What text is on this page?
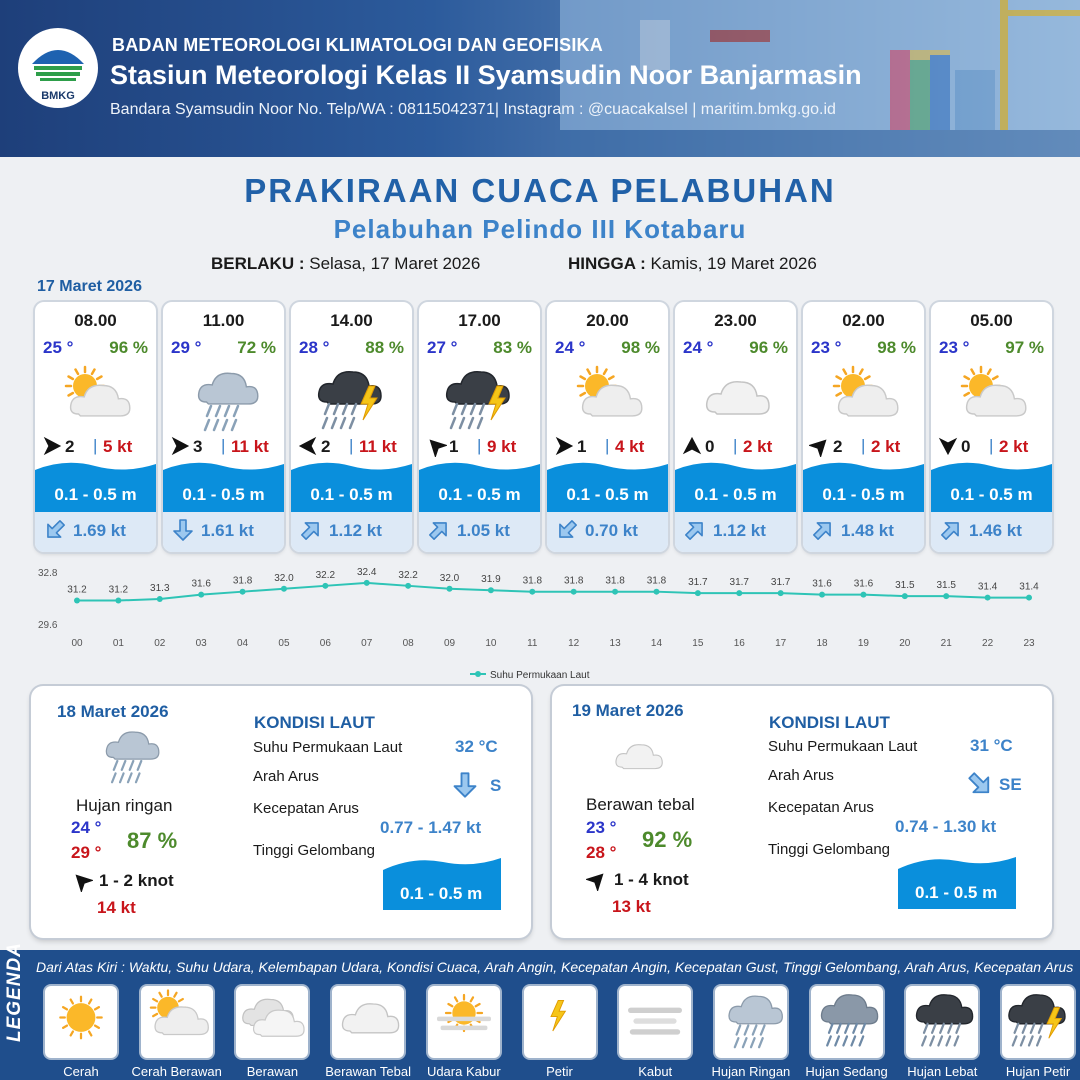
BMKG
BADAN METEOROLOGI KLIMATOLOGI DAN GEOFISIKA
Stasiun Meteorologi Kelas II Syamsudin Noor Banjarmasin
Bandara Syamsudin Noor No. Telp/WA : 08115042371| Instagram : @cuacakalsel | maritim.bmkg.go.id
PRAKIRAAN CUACA PELABUHAN
Pelabuhan Pelindo III Kotabaru
BERLAKU : Selasa, 17 Maret 2026	HINGGA : Kamis, 19 Maret 2026
17 Maret 2026
08.00
25 ° 96 %
2 | 5 kt
0.1 - 0.5 m
1.69 kt
11.00
29 ° 72 %
3 | 11 kt
0.1 - 0.5 m
1.61 kt
14.00
28 ° 88 %
2 | 11 kt
0.1 - 0.5 m
1.12 kt
17.00
27 ° 83 %
1 | 9 kt
0.1 - 0.5 m
1.05 kt
20.00
24 ° 98 %
1 | 4 kt
0.1 - 0.5 m
0.70 kt
23.00
24 ° 96 %
0 | 2 kt
0.1 - 0.5 m
1.12 kt
02.00
23 ° 98 %
2 | 2 kt
0.1 - 0.5 m
1.48 kt
05.00
23 ° 97 %
0 | 2 kt
0.1 - 0.5 m
1.46 kt
32.8
29.6
31.2
00
31.2
01
31.3
02
31.6
03
31.8
04
32.0
05
32.2
06
32.4
07
32.2
08
32.0
09
31.9
10
31.8
11
31.8
12
31.8
13
31.8
14
31.7
15
31.7
16
31.7
17
31.6
18
31.6
19
31.5
20
31.5
21
31.4
22
31.4
23
Suhu Permukaan Laut
18 Maret 2026
Hujan ringan
24 °
29 ° 87 %
1 - 2 knot
14 kt
KONDISI LAUT
Suhu Permukaan Laut	32 °C
Arah Arus	S
Kecepatan Arus
0.77 - 1.47 kt
Tinggi Gelombang
0.1 - 0.5 m
19 Maret 2026
Berawan tebal
23 °
28 °
92 %
1 - 4 knot
13 kt
KONDISI LAUT
Suhu Permukaan Laut	31 °C
Arah Arus	SE
Kecepatan Arus
0.74 - 1.30 kt
Tinggi Gelombang
0.1 - 0.5 m
LEGENDA Dari Atas Kiri : Waktu, Suhu Udara, Kelembapan Udara, Kondisi Cuaca, Arah Angin, Kecepatan Angin, Kecepatan Gust, Tinggi Gelombang, Arah Arus, Kecepatan Arus
Cerah	Cerah Berawan	Berawan	Berawan Tebal	Udara Kabur	Petir	Kabut	Hujan Ringan	Hujan Sedang	Hujan Lebat	Hujan Petir
